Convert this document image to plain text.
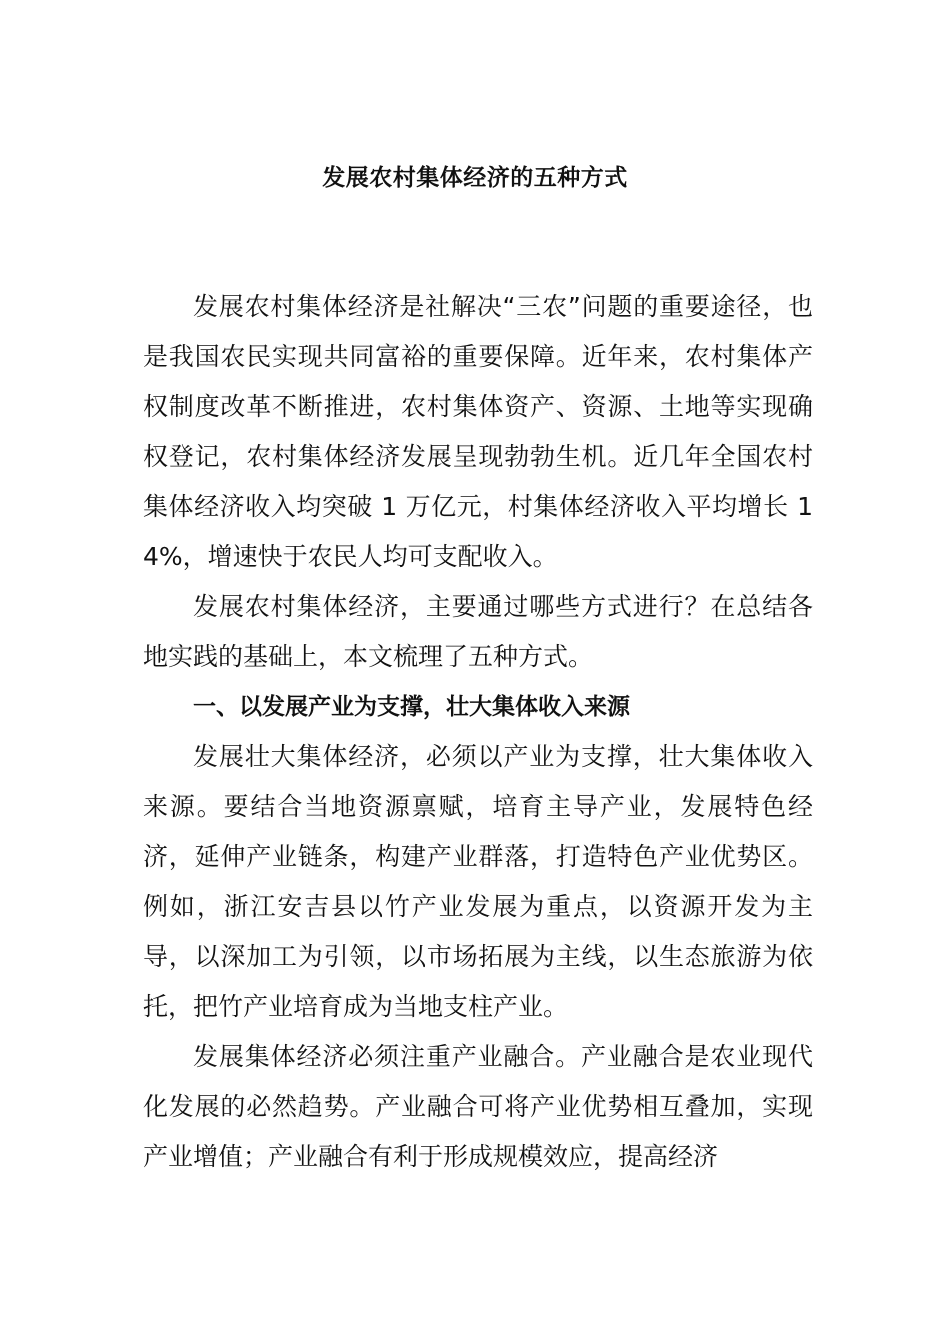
发展农村集体经济的五种方式

发展农村集体经济是社解决“三农”问题的重要途径，也是我国农民实现共同富裕的重要保障。近年来，农村集体产权制度改革不断推进，农村集体资产、资源、土地等实现确权登记，农村集体经济发展呈现勃勃生机。近几年全国农村集体经济收入均突破 1 万亿元，村集体经济收入平均增长 14%，增速快于农民人均可支配收入。

发展农村集体经济，主要通过哪些方式进行？在总结各地实践的基础上，本文梳理了五种方式。

一、以发展产业为支撑，壮大集体收入来源

发展壮大集体经济，必须以产业为支撑，壮大集体收入来源。要结合当地资源禀赋，培育主导产业，发展特色经济，延伸产业链条，构建产业群落，打造特色产业优势区。例如，浙江安吉县以竹产业发展为重点，以资源开发为主导，以深加工为引领，以市场拓展为主线，以生态旅游为依托，把竹产业培育成为当地支柱产业。

发展集体经济必须注重产业融合。产业融合是农业现代化发展的必然趋势。产业融合可将产业优势相互叠加，实现产业增值；产业融合有利于形成规模效应，提高经济
